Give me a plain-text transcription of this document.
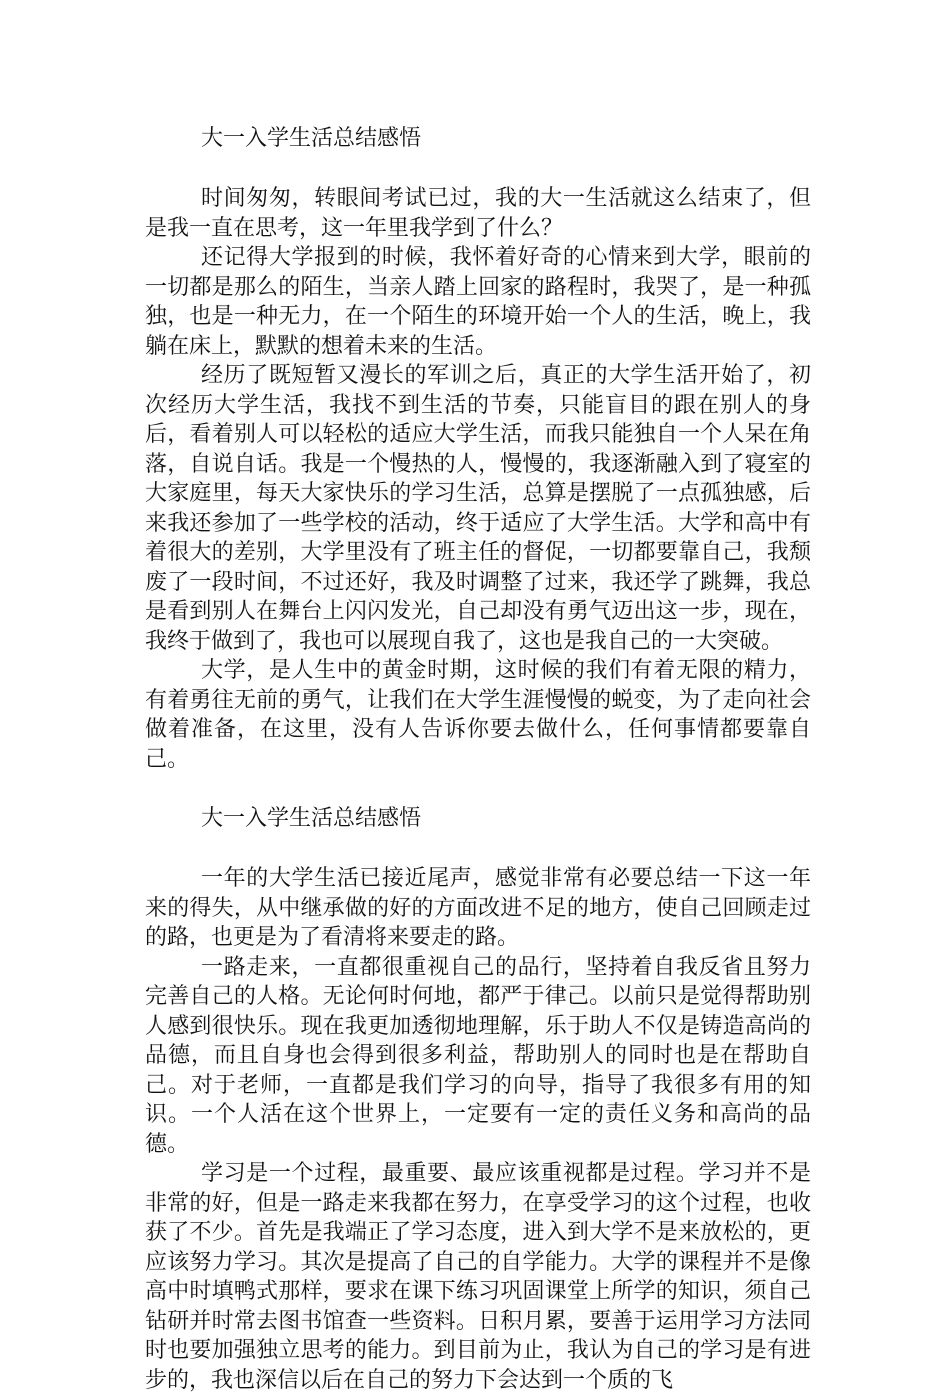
大一入学生活总结感悟

时间匆匆，转眼间考试已过，我的大一生活就这么结束了，但是我一直在思考，这一年里我学到了什么？

还记得大学报到的时候，我怀着好奇的心情来到大学，眼前的一切都是那么的陌生，当亲人踏上回家的路程时，我哭了，是一种孤独，也是一种无力，在一个陌生的环境开始一个人的生活，晚上，我躺在床上，默默的想着未来的生活。

经历了既短暂又漫长的军训之后，真正的大学生活开始了，初次经历大学生活，我找不到生活的节奏，只能盲目的跟在别人的身后，看着别人可以轻松的适应大学生活，而我只能独自一个人呆在角落，自说自话。我是一个慢热的人，慢慢的，我逐渐融入到了寝室的大家庭里，每天大家快乐的学习生活，总算是摆脱了一点孤独感，后来我还参加了一些学校的活动，终于适应了大学生活。大学和高中有着很大的差别，大学里没有了班主任的督促，一切都要靠自己，我颓废了一段时间，不过还好，我及时调整了过来，我还学了跳舞，我总是看到别人在舞台上闪闪发光，自己却没有勇气迈出这一步，现在，我终于做到了，我也可以展现自我了，这也是我自己的一大突破。

大学，是人生中的黄金时期，这时候的我们有着无限的精力，有着勇往无前的勇气，让我们在大学生涯慢慢的蜕变，为了走向社会做着准备，在这里，没有人告诉你要去做什么，任何事情都要靠自己。

大一入学生活总结感悟

一年的大学生活已接近尾声，感觉非常有必要总结一下这一年来的得失，从中继承做的好的方面改进不足的地方，使自己回顾走过的路，也更是为了看清将来要走的路。

一路走来，一直都很重视自己的品行，坚持着自我反省且努力完善自己的人格。无论何时何地，都严于律己。以前只是觉得帮助别人感到很快乐。现在我更加透彻地理解，乐于助人不仅是铸造高尚的品德，而且自身也会得到很多利益，帮助别人的同时也是在帮助自己。对于老师，一直都是我们学习的向导，指导了我很多有用的知识。一个人活在这个世界上，一定要有一定的责任义务和高尚的品德。

学习是一个过程，最重要、最应该重视都是过程。学习并不是非常的好，但是一路走来我都在努力，在享受学习的这个过程，也收获了不少。首先是我端正了学习态度，进入到大学不是来放松的，更应该努力学习。其次是提高了自己的自学能力。大学的课程并不是像高中时填鸭式那样，要求在课下练习巩固课堂上所学的知识，须自己钻研并时常去图书馆查一些资料。日积月累，要善于运用学习方法同时也要加强独立思考的能力。到目前为止，我认为自己的学习是有进步的，我也深信以后在自己的努力下会达到一个质的飞
